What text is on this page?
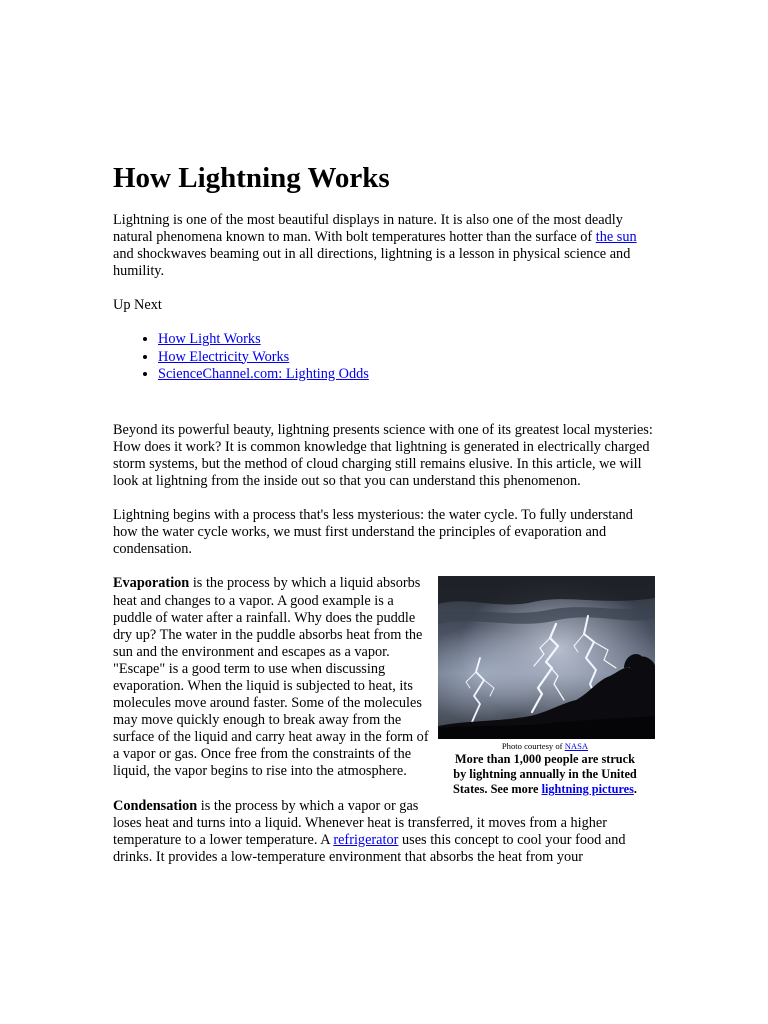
How Lightning Works

Lightning is one of the most beautiful displays in nature. It is also one of the most deadly natural phenomena known to man. With bolt temperatures hotter than the surface of the sun and shockwaves beaming out in all directions, lightning is a lesson in physical science and humility.

Up Next

• How Light Works
• How Electricity Works
• ScienceChannel.com: Lighting Odds

Beyond its powerful beauty, lightning presents science with one of its greatest local mysteries: How does it work? It is common knowledge that lightning is generated in electrically charged storm systems, but the method of cloud charging still remains elusive. In this article, we will look at lightning from the inside out so that you can understand this phenomenon.

Lightning begins with a process that's less mysterious: the water cycle. To fully understand how the water cycle works, we must first understand the principles of evaporation and condensation.

Photo courtesy of NASA
More than 1,000 people are struck by lightning annually in the United States. See more lightning pictures.

Evaporation is the process by which a liquid absorbs heat and changes to a vapor. A good example is a puddle of water after a rainfall. Why does the puddle dry up? The water in the puddle absorbs heat from the sun and the environment and escapes as a vapor. "Escape" is a good term to use when discussing evaporation. When the liquid is subjected to heat, its molecules move around faster. Some of the molecules may move quickly enough to break away from the surface of the liquid and carry heat away in the form of a vapor or gas. Once free from the constraints of the liquid, the vapor begins to rise into the atmosphere.

Condensation is the process by which a vapor or gas loses heat and turns into a liquid. Whenever heat is transferred, it moves from a higher temperature to a lower temperature. A refrigerator uses this concept to cool your food and drinks. It provides a low-temperature environment that absorbs the heat from your
